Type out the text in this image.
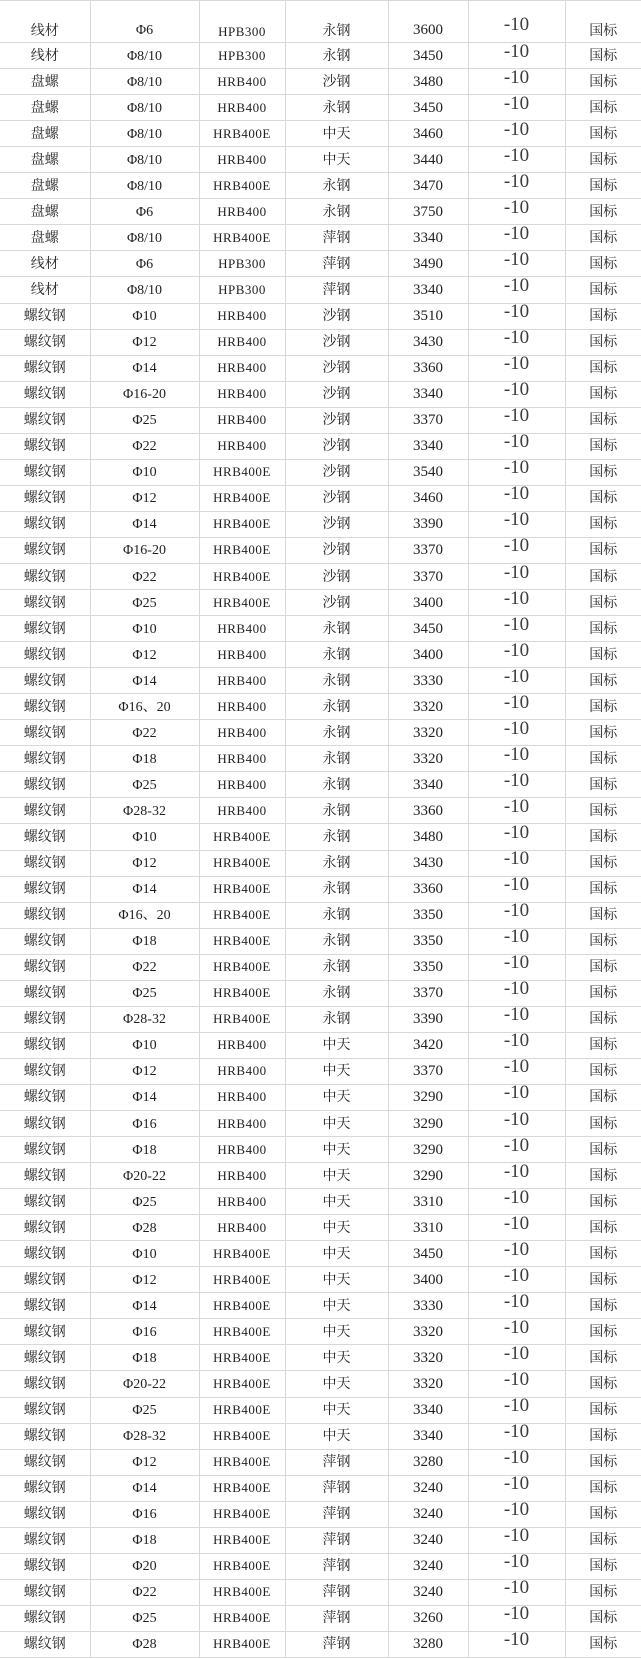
线材	Φ6	HPB300	永钢	3600	-10	国标
线材	Φ8/10	HPB300	永钢	3450	-10	国标
盘螺	Φ8/10	HRB400	沙钢	3480	-10	国标
盘螺	Φ8/10	HRB400	永钢	3450	-10	国标
盘螺	Φ8/10	HRB400E	中天	3460	-10	国标
盘螺	Φ8/10	HRB400	中天	3440	-10	国标
盘螺	Φ8/10	HRB400E	永钢	3470	-10	国标
盘螺	Φ6	HRB400	永钢	3750	-10	国标
盘螺	Φ8/10	HRB400E	萍钢	3340	-10	国标
线材	Φ6	HPB300	萍钢	3490	-10	国标
线材	Φ8/10	HPB300	萍钢	3340	-10	国标
螺纹钢	Φ10	HRB400	沙钢	3510	-10	国标
螺纹钢	Φ12	HRB400	沙钢	3430	-10	国标
螺纹钢	Φ14	HRB400	沙钢	3360	-10	国标
螺纹钢	Φ16-20	HRB400	沙钢	3340	-10	国标
螺纹钢	Φ25	HRB400	沙钢	3370	-10	国标
螺纹钢	Φ22	HRB400	沙钢	3340	-10	国标
螺纹钢	Φ10	HRB400E	沙钢	3540	-10	国标
螺纹钢	Φ12	HRB400E	沙钢	3460	-10	国标
螺纹钢	Φ14	HRB400E	沙钢	3390	-10	国标
螺纹钢	Φ16-20	HRB400E	沙钢	3370	-10	国标
螺纹钢	Φ22	HRB400E	沙钢	3370	-10	国标
螺纹钢	Φ25	HRB400E	沙钢	3400	-10	国标
螺纹钢	Φ10	HRB400	永钢	3450	-10	国标
螺纹钢	Φ12	HRB400	永钢	3400	-10	国标
螺纹钢	Φ14	HRB400	永钢	3330	-10	国标
螺纹钢	Φ16、20	HRB400	永钢	3320	-10	国标
螺纹钢	Φ22	HRB400	永钢	3320	-10	国标
螺纹钢	Φ18	HRB400	永钢	3320	-10	国标
螺纹钢	Φ25	HRB400	永钢	3340	-10	国标
螺纹钢	Φ28-32	HRB400	永钢	3360	-10	国标
螺纹钢	Φ10	HRB400E	永钢	3480	-10	国标
螺纹钢	Φ12	HRB400E	永钢	3430	-10	国标
螺纹钢	Φ14	HRB400E	永钢	3360	-10	国标
螺纹钢	Φ16、20	HRB400E	永钢	3350	-10	国标
螺纹钢	Φ18	HRB400E	永钢	3350	-10	国标
螺纹钢	Φ22	HRB400E	永钢	3350	-10	国标
螺纹钢	Φ25	HRB400E	永钢	3370	-10	国标
螺纹钢	Φ28-32	HRB400E	永钢	3390	-10	国标
螺纹钢	Φ10	HRB400	中天	3420	-10	国标
螺纹钢	Φ12	HRB400	中天	3370	-10	国标
螺纹钢	Φ14	HRB400	中天	3290	-10	国标
螺纹钢	Φ16	HRB400	中天	3290	-10	国标
螺纹钢	Φ18	HRB400	中天	3290	-10	国标
螺纹钢	Φ20-22	HRB400	中天	3290	-10	国标
螺纹钢	Φ25	HRB400	中天	3310	-10	国标
螺纹钢	Φ28	HRB400	中天	3310	-10	国标
螺纹钢	Φ10	HRB400E	中天	3450	-10	国标
螺纹钢	Φ12	HRB400E	中天	3400	-10	国标
螺纹钢	Φ14	HRB400E	中天	3330	-10	国标
螺纹钢	Φ16	HRB400E	中天	3320	-10	国标
螺纹钢	Φ18	HRB400E	中天	3320	-10	国标
螺纹钢	Φ20-22	HRB400E	中天	3320	-10	国标
螺纹钢	Φ25	HRB400E	中天	3340	-10	国标
螺纹钢	Φ28-32	HRB400E	中天	3340	-10	国标
螺纹钢	Φ12	HRB400E	萍钢	3280	-10	国标
螺纹钢	Φ14	HRB400E	萍钢	3240	-10	国标
螺纹钢	Φ16	HRB400E	萍钢	3240	-10	国标
螺纹钢	Φ18	HRB400E	萍钢	3240	-10	国标
螺纹钢	Φ20	HRB400E	萍钢	3240	-10	国标
螺纹钢	Φ22	HRB400E	萍钢	3240	-10	国标
螺纹钢	Φ25	HRB400E	萍钢	3260	-10	国标
螺纹钢	Φ28	HRB400E	萍钢	3280	-10	国标
